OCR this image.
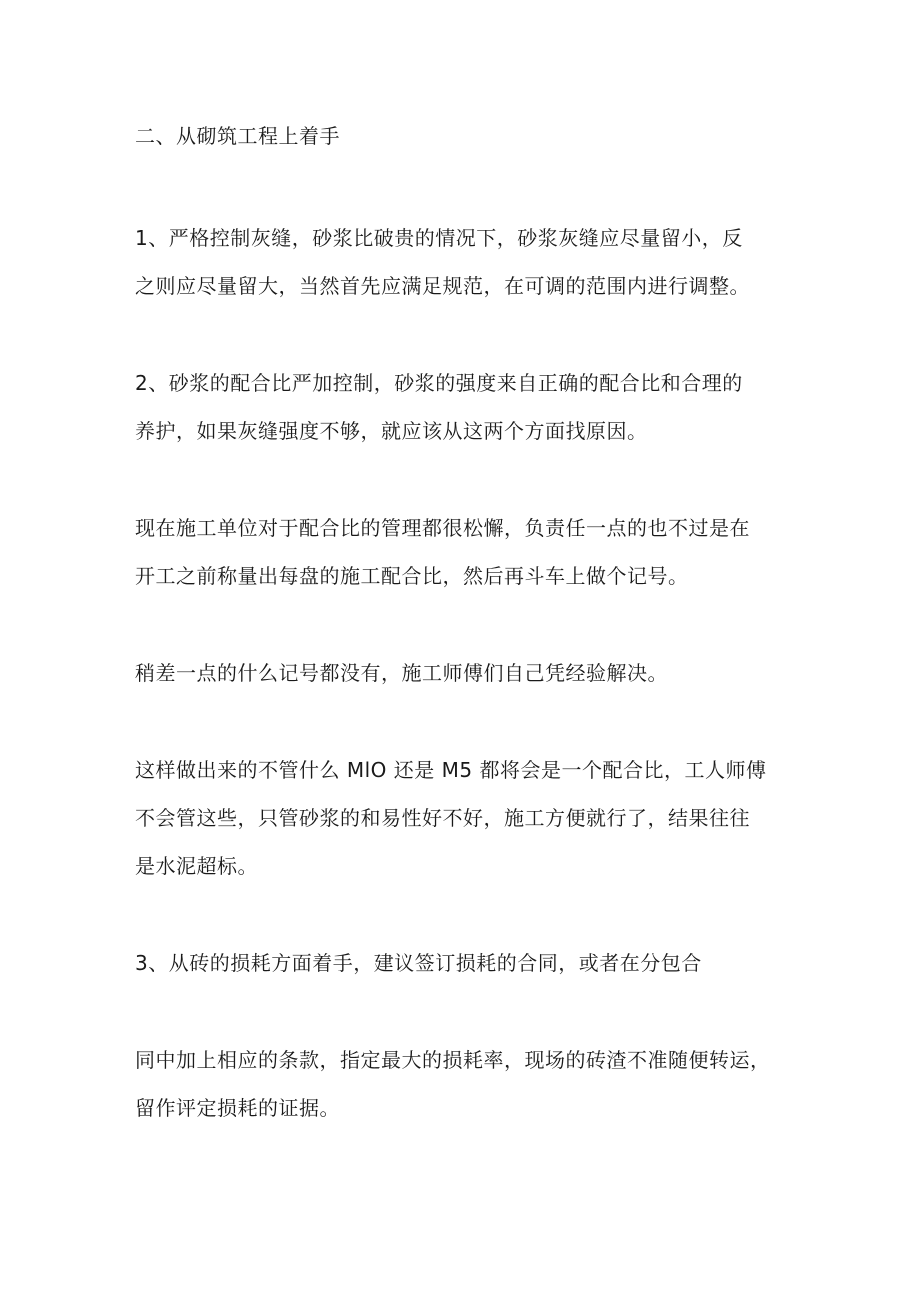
二、从砌筑工程上着手
1、严格控制灰缝，砂浆比破贵的情况下，砂浆灰缝应尽量留小，反
之则应尽量留大，当然首先应满足规范，在可调的范围内进行调整。
2、砂浆的配合比严加控制，砂浆的强度来自正确的配合比和合理的
养护，如果灰缝强度不够，就应该从这两个方面找原因。
现在施工单位对于配合比的管理都很松懈，负责任一点的也不过是在
开工之前称量出每盘的施工配合比，然后再斗车上做个记号。
稍差一点的什么记号都没有，施工师傅们自己凭经验解决。
这样做出来的不管什么 MlO 还是 M5 都将会是一个配合比，工人师傅
不会管这些，只管砂浆的和易性好不好，施工方便就行了，结果往往
是水泥超标。
3、从砖的损耗方面着手，建议签订损耗的合同，或者在分包合
同中加上相应的条款，指定最大的损耗率，现场的砖渣不准随便转运，
留作评定损耗的证据。
